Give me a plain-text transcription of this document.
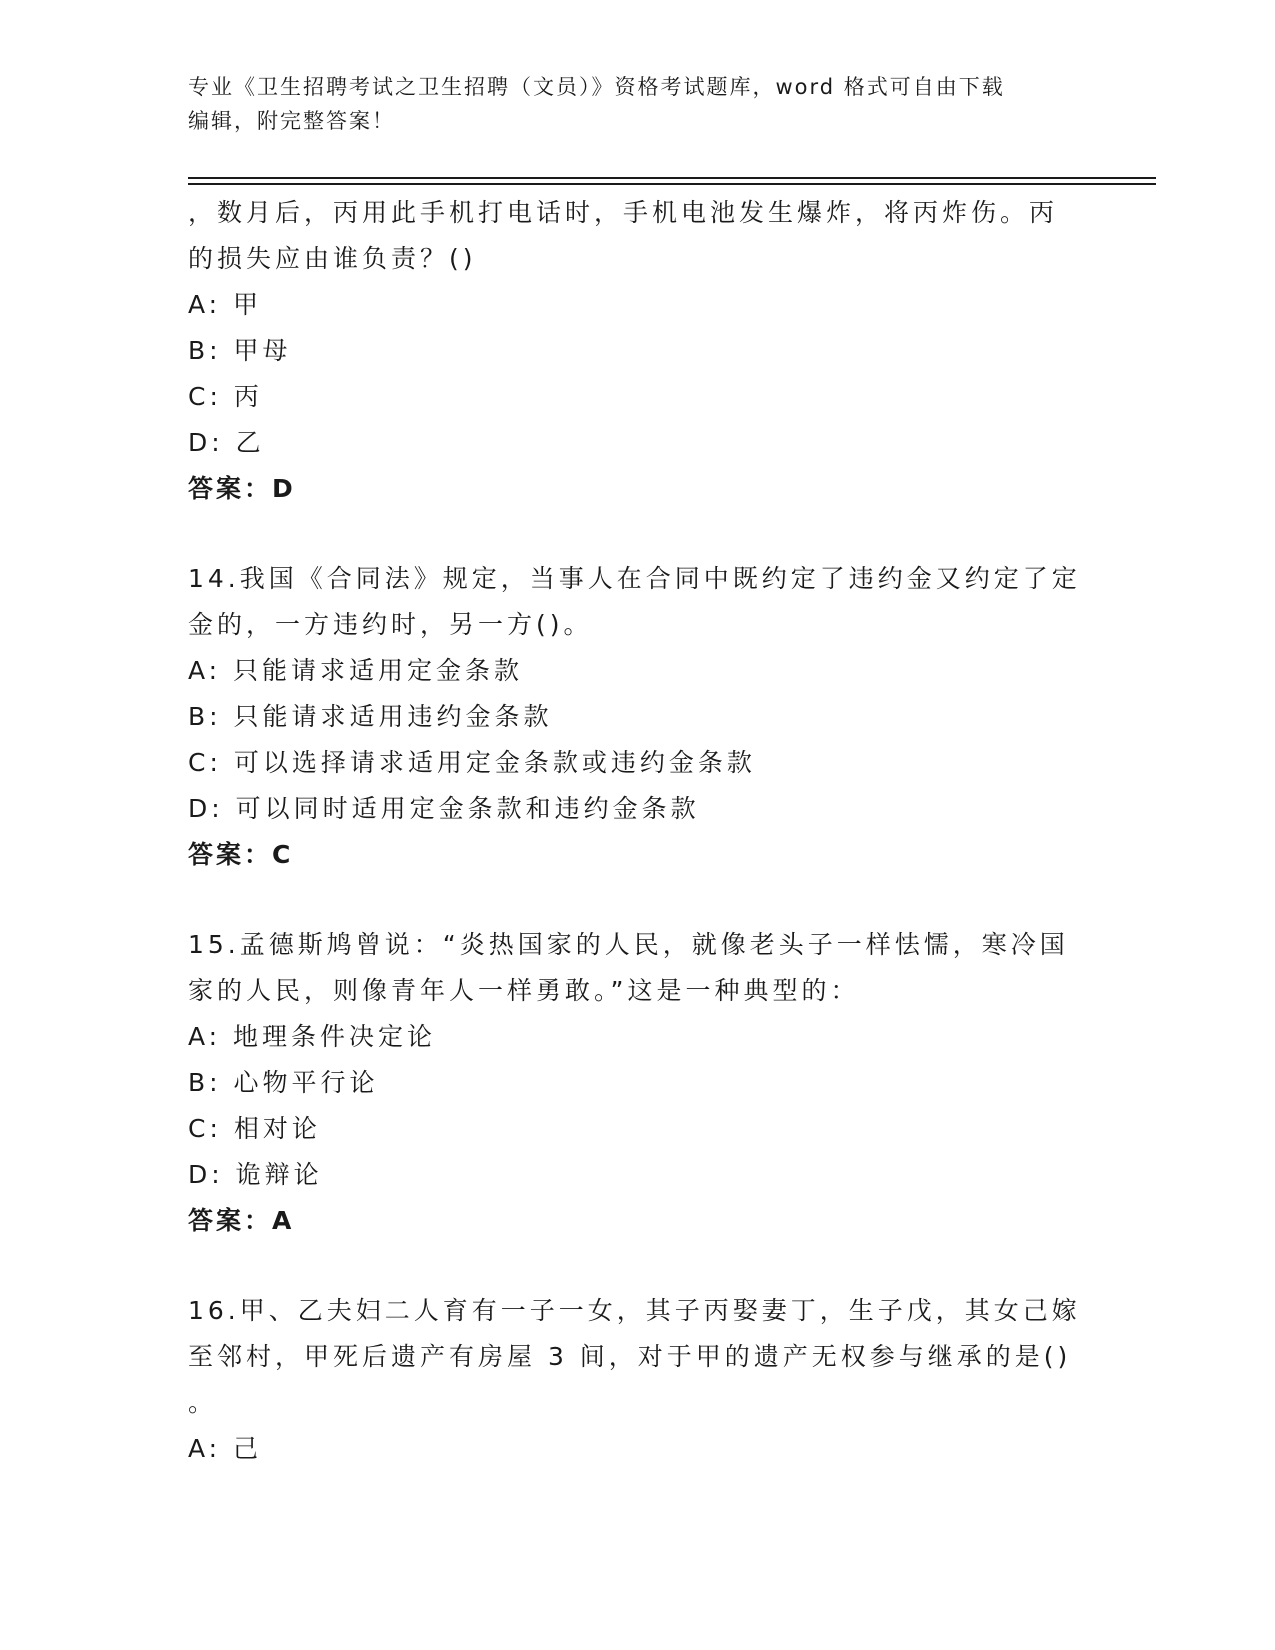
专业《卫生招聘考试之卫生招聘（文员）》资格考试题库，word 格式可自由下载
编辑，附完整答案！

，数月后，丙用此手机打电话时，手机电池发生爆炸，将丙炸伤。丙

的损失应由谁负责？()

A: 甲

B: 甲母

C: 丙

D: 乙

答案：D

14.我国《合同法》规定，当事人在合同中既约定了违约金又约定了定

金的，一方违约时，另一方()。

A: 只能请求适用定金条款

B: 只能请求适用违约金条款

C: 可以选择请求适用定金条款或违约金条款

D: 可以同时适用定金条款和违约金条款

答案：C

15.孟德斯鸠曾说：“炎热国家的人民，就像老头子一样怯懦，寒冷国

家的人民，则像青年人一样勇敢。”这是一种典型的：

A: 地理条件决定论

B: 心物平行论

C: 相对论

D: 诡辩论

答案：A

16.甲、乙夫妇二人育有一子一女，其子丙娶妻丁，生子戊，其女己嫁

至邻村，甲死后遗产有房屋 3 间，对于甲的遗产无权参与继承的是()

。

A: 己
